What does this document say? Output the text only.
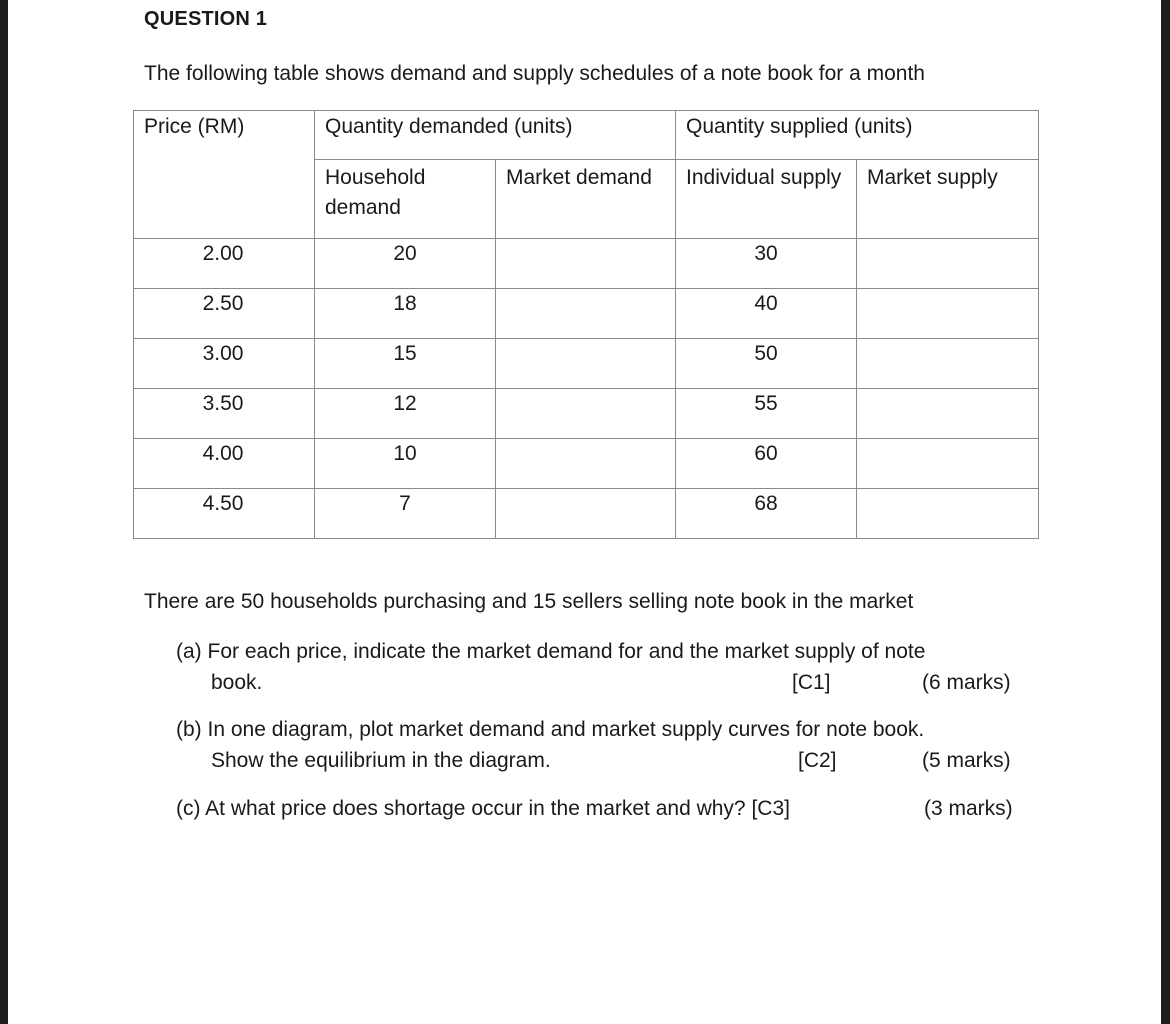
QUESTION 1
The following table shows demand and supply schedules of a note book for a month
Price (RM)	Quantity demanded (units)		Quantity supplied (units)	

	Household demand	Market demand	Individual supply	Market supply

2.00	20		30	

2.50	18		40	

3.00	15		50	

3.50	12		55	

4.00	10		60	

4.50	7		68	

There are 50 households purchasing and 15 sellers selling note book in the market
(a) For each price, indicate the market demand for and the market supply of note
book.	[C1]	(6 marks)
(b) In one diagram, plot market demand and market supply curves for note book.
Show the equilibrium in the diagram.	[C2]	(5 marks)
(c) At what price does shortage occur in the market and why? [C3]	(3 marks)
